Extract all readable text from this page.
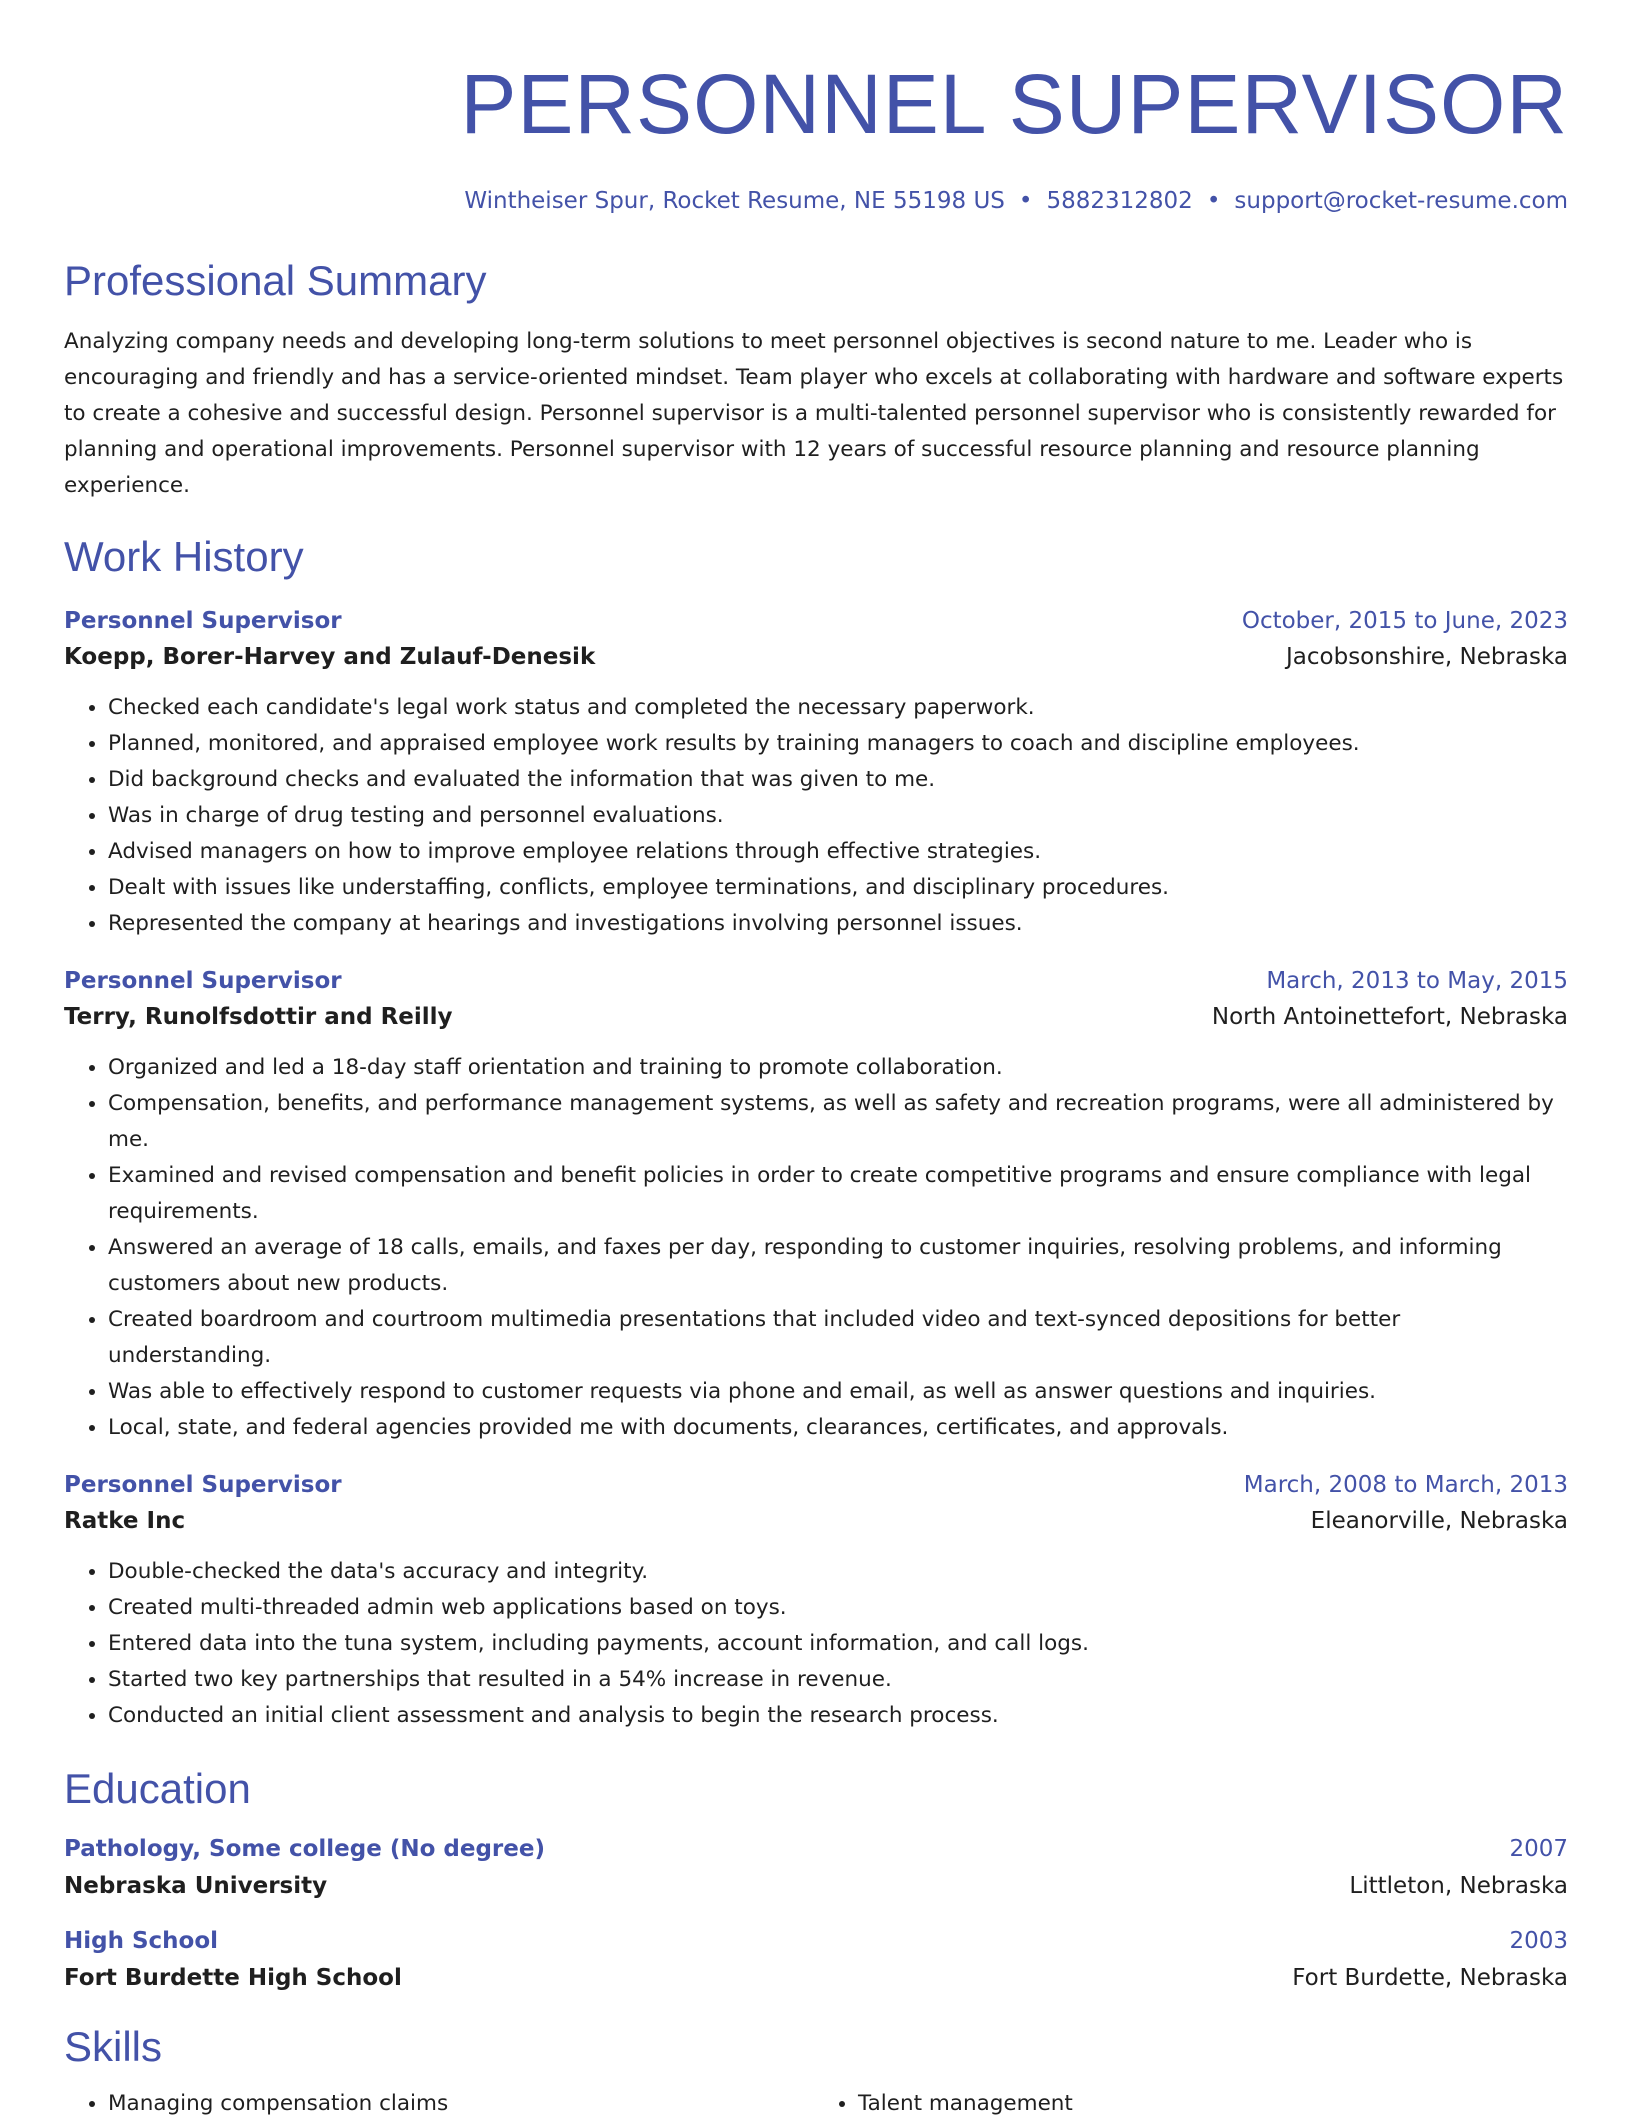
PERSONNEL SUPERVISOR
Wintheiser Spur, Rocket Resume, NE 55198 US • 5882312802 • support@rocket-resume.com
Professional Summary

Analyzing company needs and developing long-term solutions to meet personnel objectives is second nature to me. Leader who is encouraging and friendly and has a service-oriented mindset. Team player who excels at collaborating with hardware and software experts to create a cohesive and successful design. Personnel supervisor is a multi-talented personnel supervisor who is consistently rewarded for planning and operational improvements. Personnel supervisor with 12 years of successful resource planning and resource planning experience.

Work History
Personnel Supervisor	October, 2015 to June, 2023
Koepp, Borer-Harvey and Zulauf-Denesik	Jacobsonshire, Nebraska
• Checked each candidate's legal work status and completed the necessary paperwork.
• Planned, monitored, and appraised employee work results by training managers to coach and discipline employees.
• Did background checks and evaluated the information that was given to me.
• Was in charge of drug testing and personnel evaluations.
• Advised managers on how to improve employee relations through effective strategies.
• Dealt with issues like understaffing, conflicts, employee terminations, and disciplinary procedures.
• Represented the company at hearings and investigations involving personnel issues.
Personnel Supervisor	March, 2013 to May, 2015
Terry, Runolfsdottir and Reilly	North Antoinettefort, Nebraska
• Organized and led a 18-day staff orientation and training to promote collaboration.
• Compensation, benefits, and performance management systems, as well as safety and recreation programs, were all administered by me.
• Examined and revised compensation and benefit policies in order to create competitive programs and ensure compliance with legal requirements.
• Answered an average of 18 calls, emails, and faxes per day, responding to customer inquiries, resolving problems, and informing customers about new products.
• Created boardroom and courtroom multimedia presentations that included video and text-synced depositions for better understanding.
• Was able to effectively respond to customer requests via phone and email, as well as answer questions and inquiries.
• Local, state, and federal agencies provided me with documents, clearances, certificates, and approvals.
Personnel Supervisor	March, 2008 to March, 2013
Ratke Inc	Eleanorville, Nebraska
• Double-checked the data's accuracy and integrity.
• Created multi-threaded admin web applications based on toys.
• Entered data into the tuna system, including payments, account information, and call logs.
• Started two key partnerships that resulted in a 54% increase in revenue.
• Conducted an initial client assessment and analysis to begin the research process.
Education
Pathology, Some college (No degree)	2007
Nebraska University	Littleton, Nebraska
High School	2003
Fort Burdette High School	Fort Burdette, Nebraska
Skills
• Managing compensation claims
•	Talent management
